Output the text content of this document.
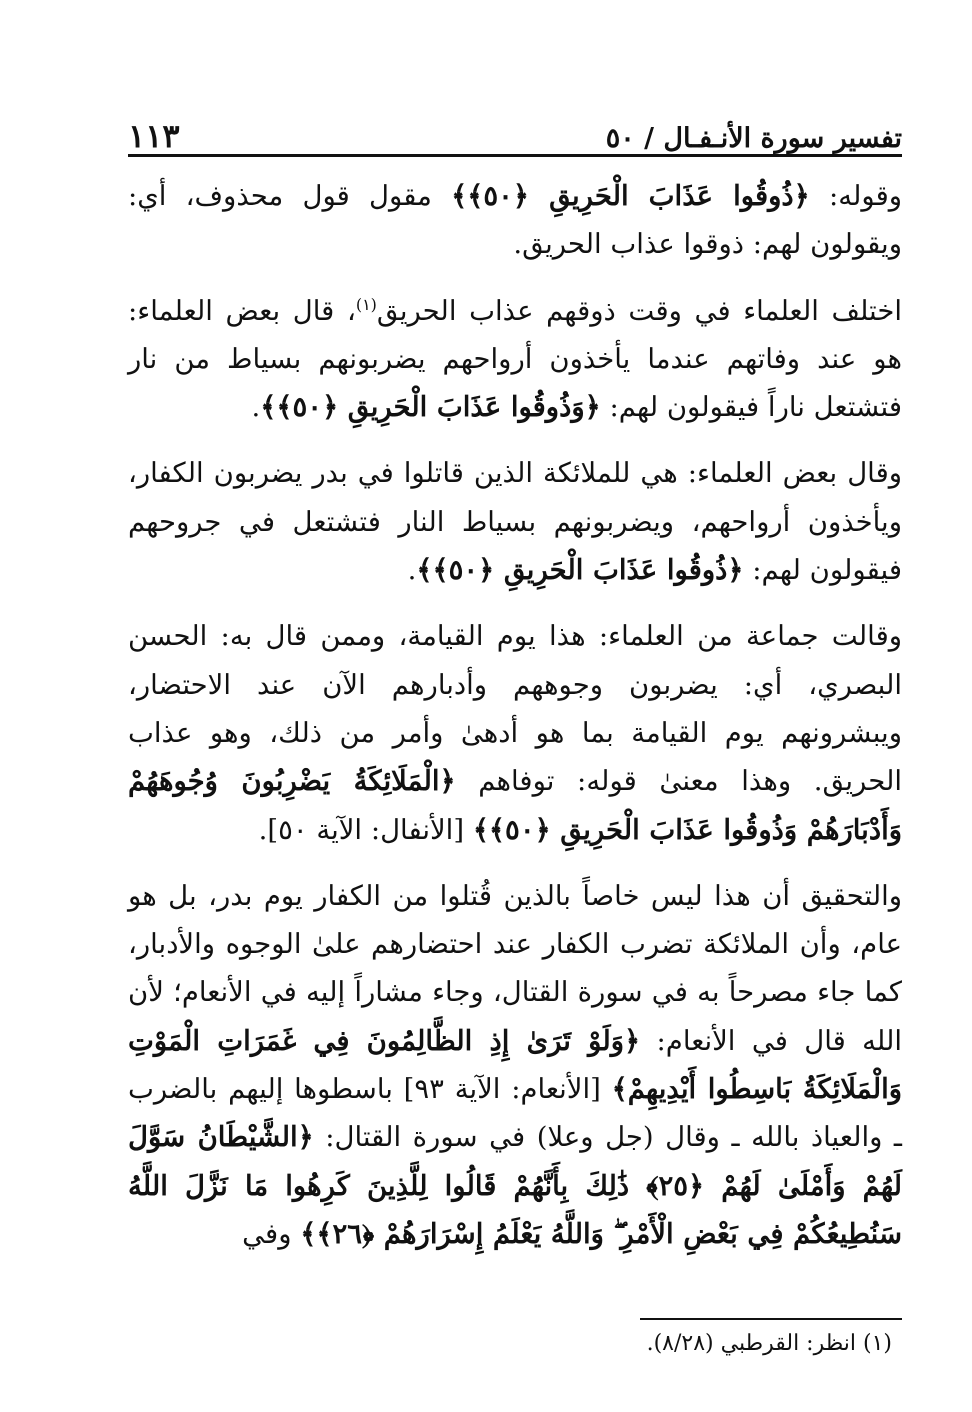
تفسير سورة الأنـفـال / ٥٠
١١٣

وقوله: ﴿ذُوقُوا عَذَابَ الْحَرِيقِ ﴿٥٠﴾﴾ مقول قول محذوف، أي: ويقولون لهم: ذوقوا عذاب الحريق.

اختلف العلماء في وقت ذوقهم عذاب الحريق$^{(١)}$، قال بعض العلماء: هو عند وفاتهم عندما يأخذون أرواحهم يضربونهم بسياط من نار فتشتعل ناراً فيقولون لهم: ﴿وَذُوقُوا عَذَابَ الْحَرِيقِ ﴿٥٠﴾﴾.

وقال بعض العلماء: هي للملائكة الذين قاتلوا في بدر يضربون الكفار، ويأخذون أرواحهم، ويضربونهم بسياط النار فتشتعل في جروحهم فيقولون لهم: ﴿ذُوقُوا عَذَابَ الْحَرِيقِ ﴿٥٠﴾﴾.

وقالت جماعة من العلماء: هذا يوم القيامة، وممن قال به: الحسن البصري، أي: يضربون وجوههم وأدبارهم الآن عند الاحتضار، ويبشرونهم يوم القيامة بما هو أدهىٰ وأمر من ذلك، وهو عذاب الحريق. وهذا معنىٰ قوله: توفاهم ﴿الْمَلَائِكَةُ يَضْرِبُونَ وُجُوهَهُمْ وَأَدْبَارَهُمْ وَذُوقُوا عَذَابَ الْحَرِيقِ ﴿٥٠﴾﴾ [الأنفال: الآية ٥٠].

والتحقيق أن هذا ليس خاصاً بالذين قُتلوا من الكفار يوم بدر، بل هو عام، وأن الملائكة تضرب الكفار عند احتضارهم علىٰ الوجوه والأدبار، كما جاء مصرحاً به في سورة القتال، وجاء مشاراً إليه في الأنعام؛ لأن الله قال في الأنعام: ﴿وَلَوْ تَرَىٰ إِذِ الظَّالِمُونَ فِي غَمَرَاتِ الْمَوْتِ وَالْمَلَائِكَةُ بَاسِطُوا أَيْدِيهِمْ﴾ [الأنعام: الآية ٩٣] باسطوها إليهم بالضرب ـ والعياذ بالله ـ وقال (جل وعلا) في سورة القتال: ﴿الشَّيْطَانُ سَوَّلَ لَهُمْ وَأَمْلَىٰ لَهُمْ ﴿٢٥﴾ ذَٰلِكَ بِأَنَّهُمْ قَالُوا لِلَّذِينَ كَرِهُوا مَا نَزَّلَ اللَّهُ سَنُطِيعُكُمْ فِي بَعْضِ الْأَمْرِ ۖ وَاللَّهُ يَعْلَمُ إِسْرَارَهُمْ ﴿٢٦﴾﴾ وفي

(١) انظر: القرطبي (٨/٢٨).
